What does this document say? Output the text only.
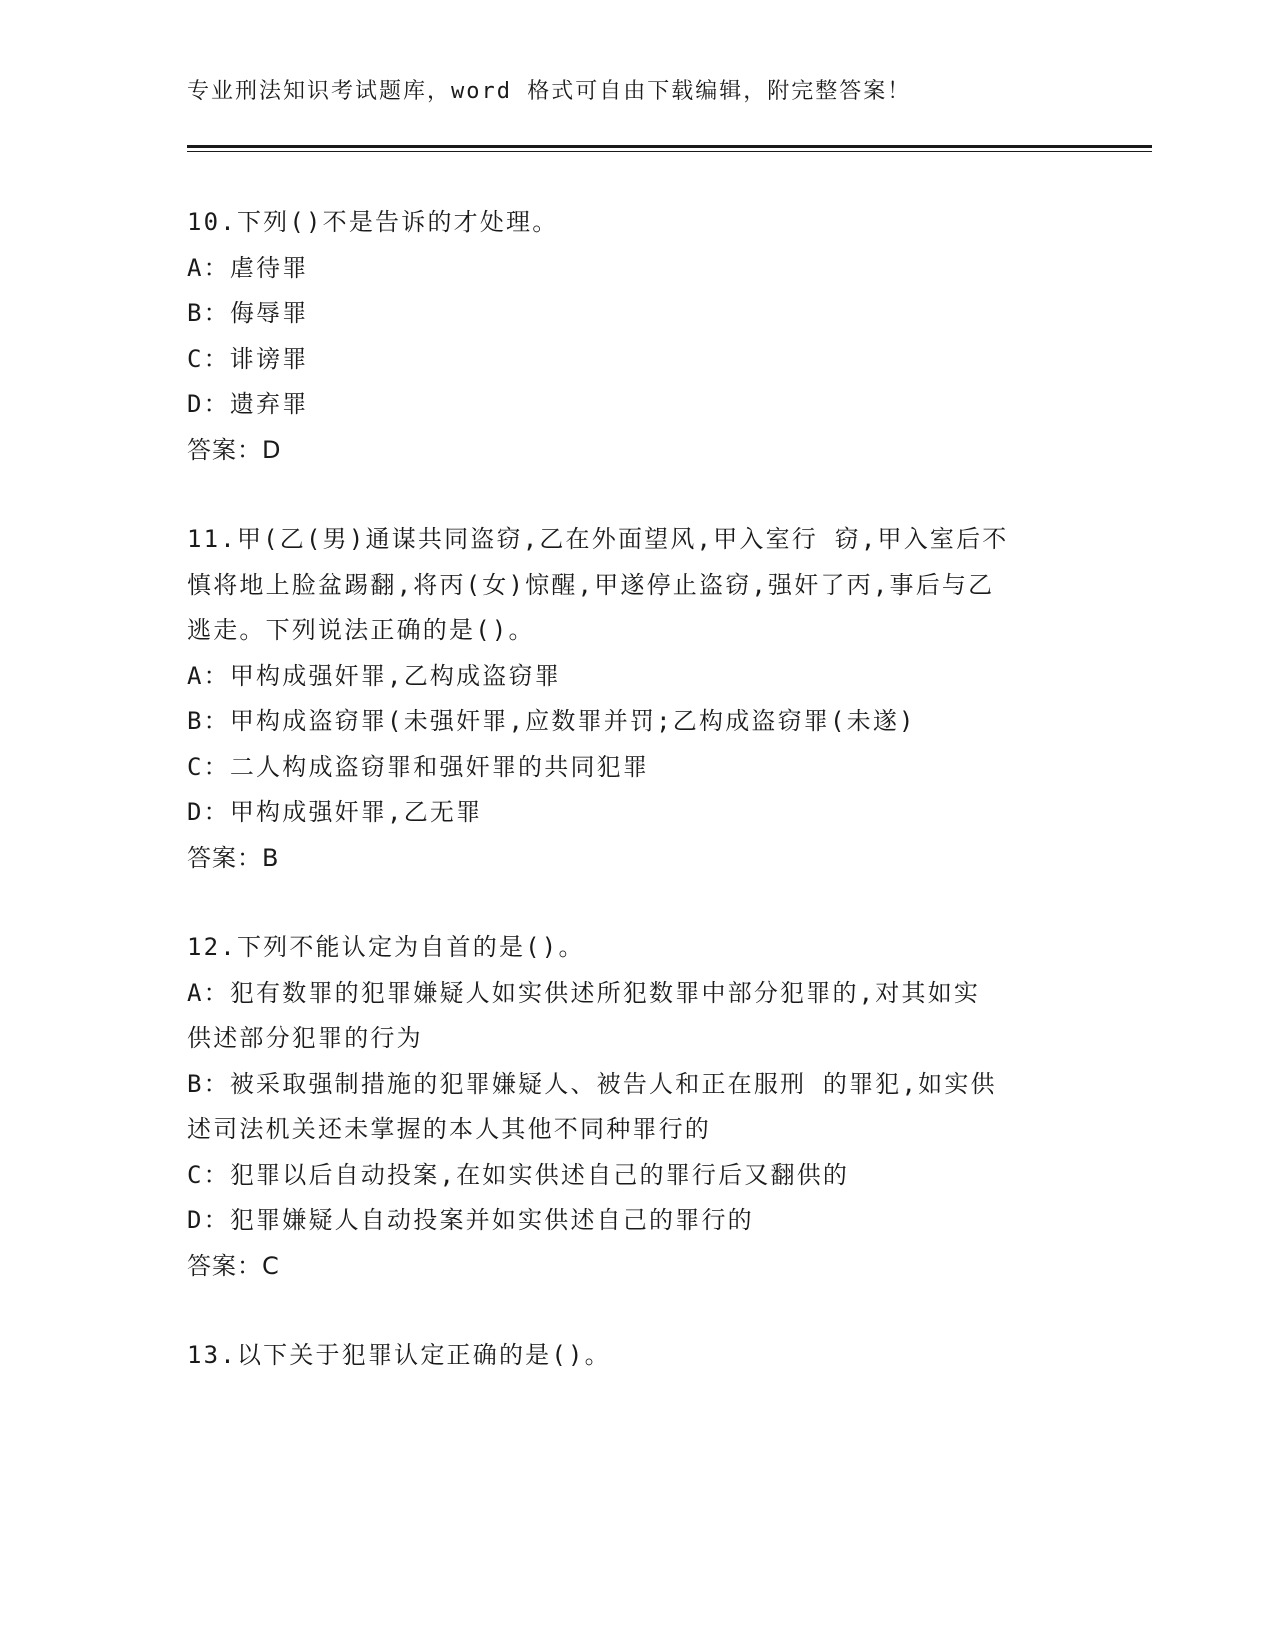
专业刑法知识考试题库，word 格式可自由下载编辑，附完整答案！
10.下列()不是告诉的才处理。
A：虐待罪
B：侮辱罪
C：诽谤罪
D：遗弃罪
答案：D
11.甲(乙(男)通谋共同盗窃,乙在外面望风,甲入室行 窃,甲入室后不
慎将地上脸盆踢翻,将丙(女)惊醒,甲遂停止盗窃,强奸了丙,事后与乙
逃走。下列说法正确的是()。
A：甲构成强奸罪,乙构成盗窃罪
B：甲构成盗窃罪(未强奸罪,应数罪并罚;乙构成盗窃罪(未遂)
C：二人构成盗窃罪和强奸罪的共同犯罪
D：甲构成强奸罪,乙无罪
答案：B
12.下列不能认定为自首的是()。
A：犯有数罪的犯罪嫌疑人如实供述所犯数罪中部分犯罪的,对其如实
供述部分犯罪的行为
B：被采取强制措施的犯罪嫌疑人、被告人和正在服刑 的罪犯,如实供
述司法机关还未掌握的本人其他不同种罪行的
C：犯罪以后自动投案,在如实供述自己的罪行后又翻供的
D：犯罪嫌疑人自动投案并如实供述自己的罪行的
答案：C
13.以下关于犯罪认定正确的是()。
